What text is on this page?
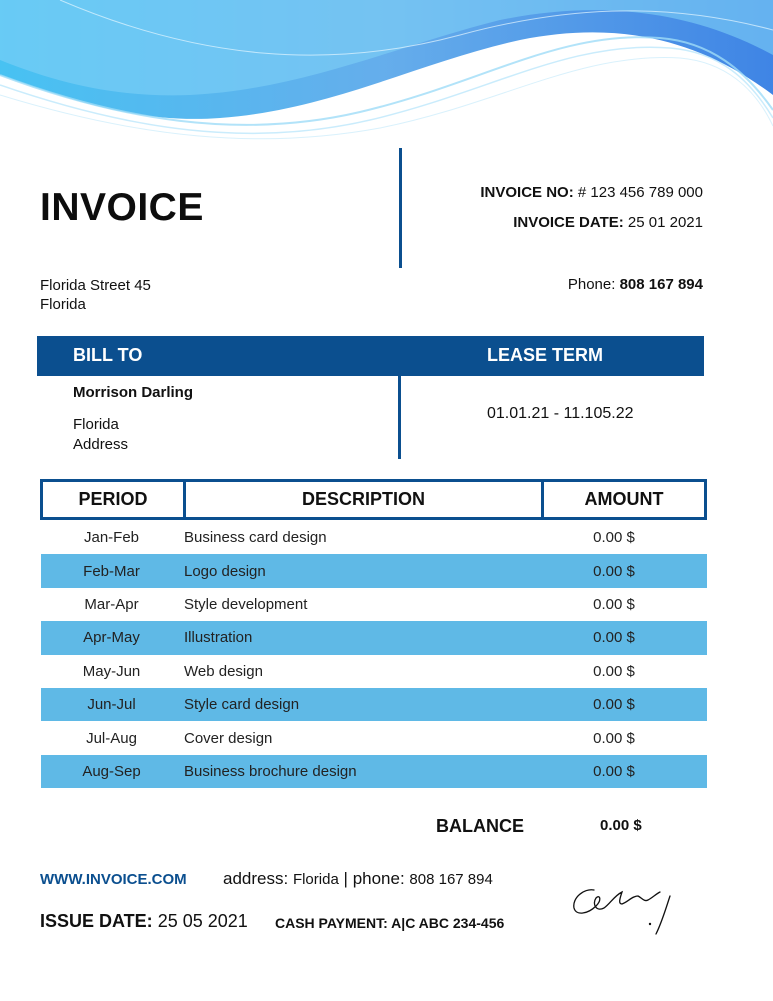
INVOICE	INVOICE NO: # 123 456 789 000
INVOICE DATE: 25 01 2021
Florida Street 45
Florida
Phone: 808 167 894
BILL TO	LEASE TERM
Morrison Darling
Florida
Address
01.01.21 - 11.105.22
PERIOD	DESCRIPTION	AMOUNT
Jan-Feb	Business card design	0.00 $
Feb-Mar	Logo design	0.00 $
Mar-Apr	Style development	0.00 $
Apr-May	Illustration	0.00 $
May-Jun	Web design	0.00 $
Jun-Jul	Style card design	0.00 $
Jul-Aug	Cover design	0.00 $
Aug-Sep	Business brochure design	0.00 $
BALANCE	0.00 $
WWW.INVOICE.COM address: Florida | phone: 808 167 894
ISSUE DATE: 25 05 2021 CASH PAYMENT: A|C ABC 234-456
